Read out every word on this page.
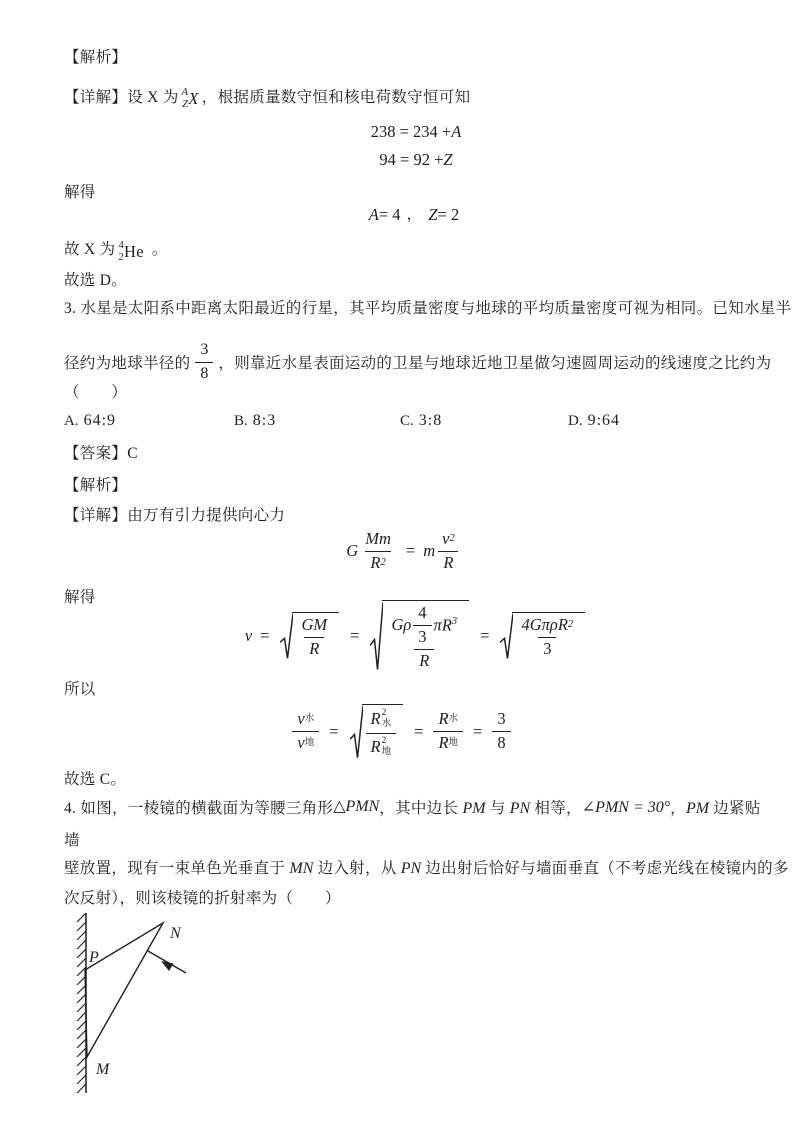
【解析】
【详解】设 X 为 A
Z X ，根据质量数守恒和核电荷数守恒可知
238 = 234 + A
94 = 92 + Z
解得
A = 4 ， Z = 2
故 X 为 4
2 He 。
故选 D。
3. 水星是太阳系中距离太阳最近的行星，其平均质量密度与地球的平均质量密度可视为相同。已知水星半
径约为地球半径的 $\frac{3}{8}$ ，则靠近水星表面运动的卫星与地球近地卫星做匀速圆周运动的线速度之比约为
（　　）
A. 64:9	B. 8:3	C. 3:8	D. 9:64
【答案】C
【解析】
【详解】由万有引力提供向心力
G $\frac{Mm}{R 2} = m \frac{v 2}{R}$
解得
$v = \frac{GM}{R} = \frac{G\rho \frac{4}{3} \pi R^3}{R} = \frac{\text{4GπρR 2}}{3}$
所以
$\frac{\text{v 水}}{\text{v 地}} = R$ 2
水
R 2
地 = $\frac{\text{R 水}}{\text{R 地}} = \frac{3}{8}$
故选 C。
4. 如图，一棱镜的横截面为等腰三角形△PMN，其中边长 PM 与 PN 相等，∠PMN = 30°，PM 边紧贴
墙
壁放置，现有一束单色光垂直于 MN 边入射，从 PN 边出射后恰好与墙面垂直（不考虑光线在棱镜内的多
次反射），则该棱镜的折射率为（　　）
P
N
M
